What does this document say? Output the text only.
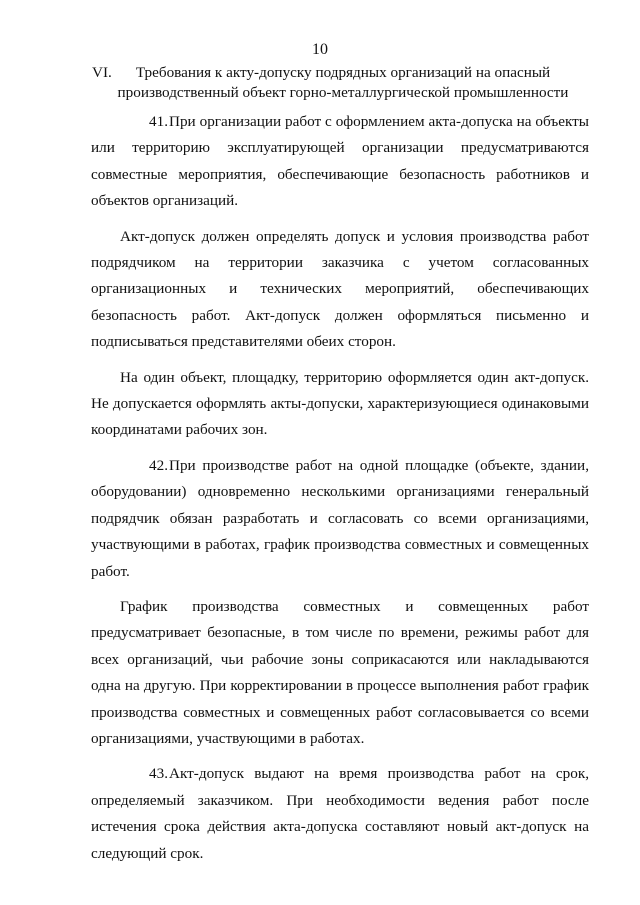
10
VI.	Требования к акту-допуску подрядных организаций на опасный
производственный объект горно-металлургической промышленности

41.При организации работ с оформлением акта-допуска на объекты или территорию эксплуатирующей организации предусматриваются совместные мероприятия, обеспечивающие безопасность работников и объектов организаций.

Акт-допуск должен определять допуск и условия производства работ подрядчиком на территории заказчика с учетом согласованных организационных и технических мероприятий, обеспечивающих безопасность работ. Акт-допуск должен оформляться письменно и подписываться представителями обеих сторон.

На один объект, площадку, территорию оформляется один акт-допуск. Не допускается оформлять акты-допуски, характеризующиеся одинаковыми координатами рабочих зон.

42.При производстве работ на одной площадке (объекте, здании, оборудовании) одновременно несколькими организациями генеральный подрядчик обязан разработать и согласовать со всеми организациями, участвующими в работах, график производства совместных и совмещенных работ.

График производства совместных и совмещенных работ предусматривает безопасные, в том числе по времени, режимы работ для всех организаций, чьи рабочие зоны соприкасаются или накладываются одна на другую. При корректировании в процессе выполнения работ график производства совместных и совмещенных работ согласовывается со всеми организациями, участвующими в работах.

43.Акт-допуск выдают на время производства работ на срок, определяемый заказчиком. При необходимости ведения работ после истечения срока действия акта-допуска составляют новый акт-допуск на следующий срок.
